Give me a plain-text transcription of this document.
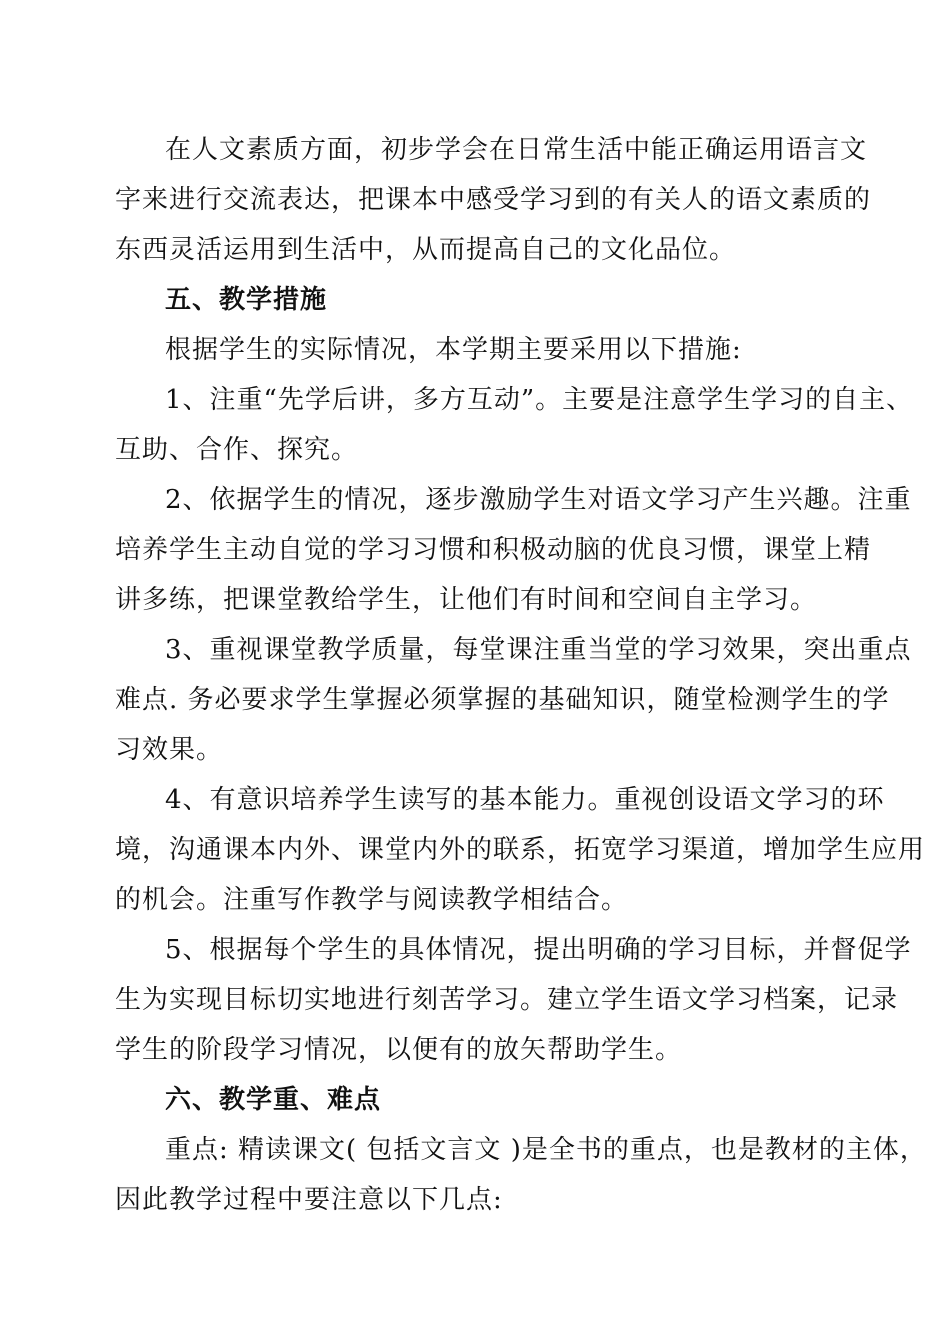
在人文素质方面，初步学会在日常生活中能正确运用语言文
字来进行交流表达，把课本中感受学习到的有关人的语文素质的
东西灵活运用到生活中，从而提高自己的文化品位。
五、教学措施
根据学生的实际情况，本学期主要采用以下措施:
1、注重“先学后讲，多方互动”。主要是注意学生学习的自主、
互助、合作、探究。
2、依据学生的情况，逐步激励学生对语文学习产生兴趣。注重
培养学生主动自觉的学习习惯和积极动脑的优良习惯，课堂上精
讲多练，把课堂教给学生，让他们有时间和空间自主学习。
3、重视课堂教学质量，每堂课注重当堂的学习效果，突出重点
难点. 务必要求学生掌握必须掌握的基础知识，随堂检测学生的学
习效果。
4、有意识培养学生读写的基本能力。重视创设语文学习的环
境，沟通课本内外、课堂内外的联系，拓宽学习渠道，增加学生应用
的机会。注重写作教学与阅读教学相结合。
5、根据每个学生的具体情况，提出明确的学习目标，并督促学
生为实现目标切实地进行刻苦学习。建立学生语文学习档案，记录
学生的阶段学习情况，以便有的放矢帮助学生。
六、教学重、难点
重点: 精读课文( 包括文言文 )是全书的重点，也是教材的主体，
因此教学过程中要注意以下几点:
